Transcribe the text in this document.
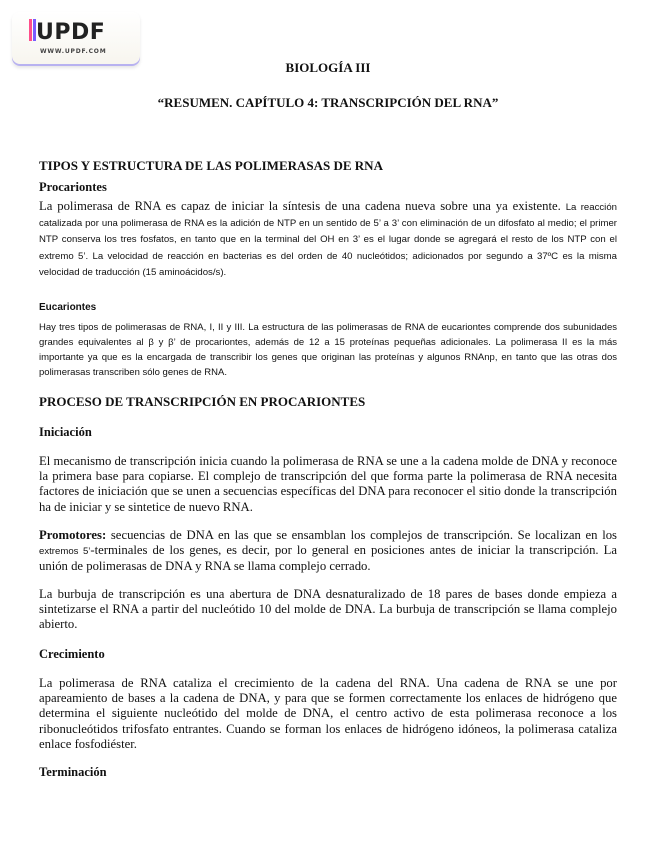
UPDF
WWW.UPDF.COM
BIOLOGÍA III
“RESUMEN. CAPÍTULO 4: TRANSCRIPCIÓN DEL RNA”
TIPOS Y ESTRUCTURA DE LAS POLIMERASAS DE RNA
Procariontes
La polimerasa de RNA es capaz de iniciar la síntesis de una cadena nueva sobre una ya existente. La reacción catalizada por una polimerasa de RNA es la adición de NTP en un sentido de 5’ a 3’ con eliminación de un difosfato al medio; el primer NTP conserva los tres fosfatos, en tanto que en la terminal del OH en 3’ es el lugar donde se agregará el resto de los NTP con el extremo 5’. La velocidad de reacción en bacterias es del orden de 40 nucleótidos; adicionados por segundo a 37ºC es la misma velocidad de traducción (15 aminoácidos/s).
Eucariontes
Hay tres tipos de polimerasas de RNA, I, II y III. La estructura de las polimerasas de RNA de eucariontes comprende dos subunidades grandes equivalentes al β y β’ de procariontes, además de 12 a 15 proteínas pequeñas adicionales. La polimerasa II es la más importante ya que es la encargada de transcribir los genes que originan las proteínas y algunos RNAnp, en tanto que las otras dos polimerasas transcriben sólo genes de RNA.
PROCESO DE TRANSCRIPCIÓN EN PROCARIONTES
Iniciación
El mecanismo de transcripción inicia cuando la polimerasa de RNA se une a la cadena molde de DNA y reconoce la primera base para copiarse. El complejo de transcripción del que forma parte la polimerasa de RNA necesita factores de iniciación que se unen a secuencias específicas del DNA para reconocer el sitio donde la transcripción ha de iniciar y se sintetice de nuevo RNA.
Promotores: secuencias de DNA en las que se ensamblan los complejos de transcripción. Se localizan en los extremos 5’-terminales de los genes, es decir, por lo general en posiciones antes de iniciar la transcripción. La unión de polimerasas de DNA y RNA se llama complejo cerrado.
La burbuja de transcripción es una abertura de DNA desnaturalizado de 18 pares de bases donde empieza a sintetizarse el RNA a partir del nucleótido 10 del molde de DNA. La burbuja de transcripción se llama complejo abierto.
Crecimiento
La polimerasa de RNA cataliza el crecimiento de la cadena del RNA. Una cadena de RNA se une por apareamiento de bases a la cadena de DNA, y para que se formen correctamente los enlaces de hidrógeno que determina el siguiente nucleótido del molde de DNA, el centro activo de esta polimerasa reconoce a los ribonucleótidos trifosfato entrantes. Cuando se forman los enlaces de hidrógeno idóneos, la polimerasa cataliza enlace fosfodiéster.
Terminación
